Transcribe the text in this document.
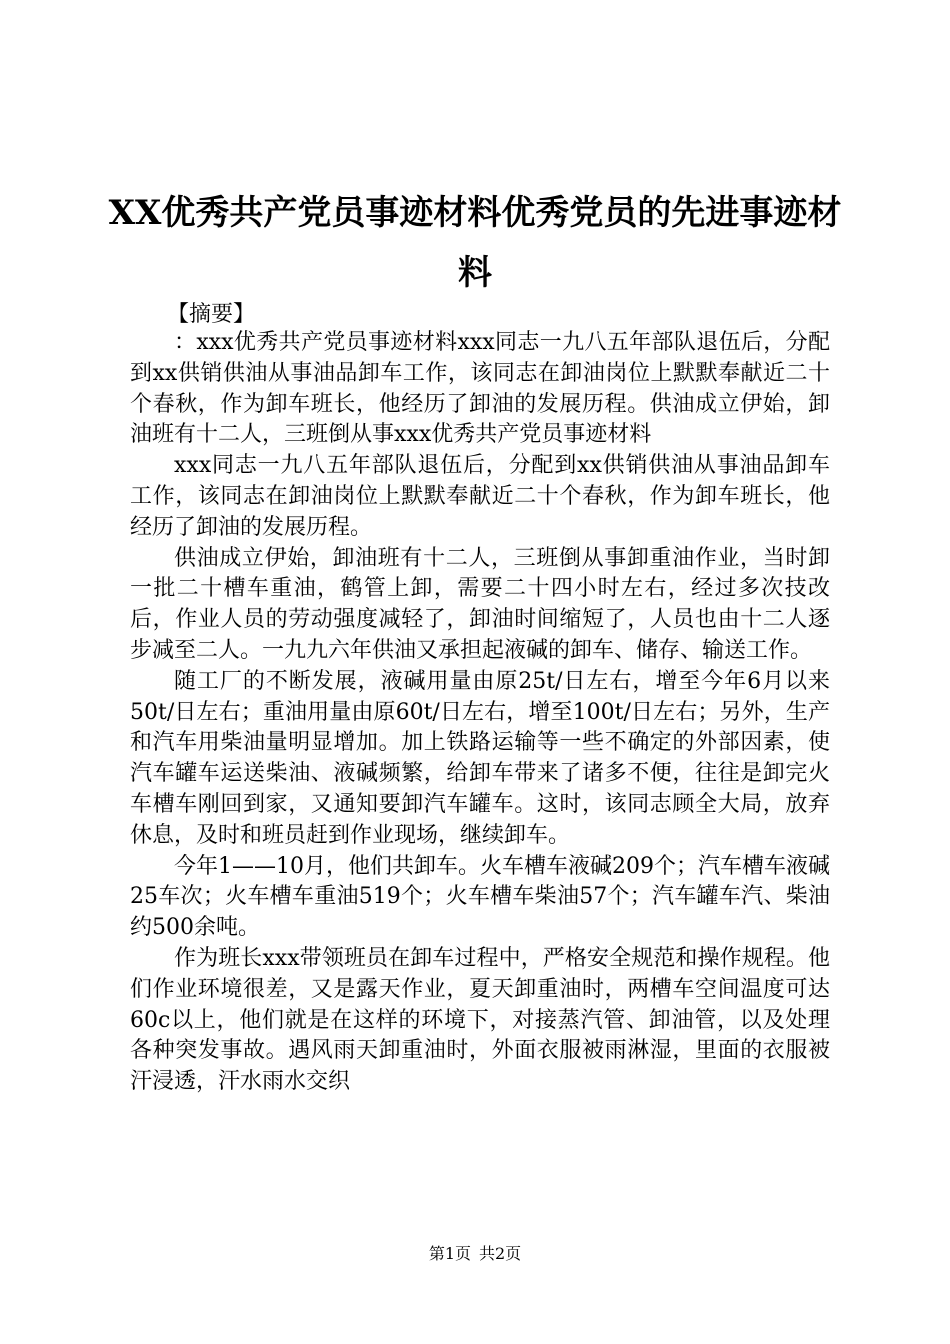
XX优秀共产党员事迹材料优秀党员的先进事迹材料
【摘要】

：xxx优秀共产党员事迹材料xxx同志一九八五年部队退伍后，分配到xx供销供油从事油品卸车工作，该同志在卸油岗位上默默奉献近二十个春秋，作为卸车班长，他经历了卸油的发展历程。供油成立伊始，卸油班有十二人，三班倒从事xxx优秀共产党员事迹材料

xxx同志一九八五年部队退伍后，分配到xx供销供油从事油品卸车工作，该同志在卸油岗位上默默奉献近二十个春秋，作为卸车班长，他经历了卸油的发展历程。

供油成立伊始，卸油班有十二人，三班倒从事卸重油作业，当时卸一批二十槽车重油，鹤管上卸，需要二十四小时左右，经过多次技改后，作业人员的劳动强度减轻了，卸油时间缩短了，人员也由十二人逐步减至二人。一九九六年供油又承担起液碱的卸车、储存、输送工作。

随工厂的不断发展，液碱用量由原25t/日左右，增至今年6月以来50t/日左右；重油用量由原60t/日左右，增至100t/日左右；另外，生产和汽车用柴油量明显增加。加上铁路运输等一些不确定的外部因素，使汽车罐车运送柴油、液碱频繁，给卸车带来了诸多不便，往往是卸完火车槽车刚回到家，又通知要卸汽车罐车。这时，该同志顾全大局，放弃休息，及时和班员赶到作业现场，继续卸车。

今年1——10月，他们共卸车。火车槽车液碱209个；汽车槽车液碱25车次；火车槽车重油519个；火车槽车柴油57个；汽车罐车汽、柴油约500余吨。

作为班长xxx带领班员在卸车过程中，严格安全规范和操作规程。他们作业环境很差，又是露天作业，夏天卸重油时，两槽车空间温度可达60c以上，他们就是在这样的环境下，对接蒸汽管、卸油管，以及处理各种突发事故。遇风雨天卸重油时，外面衣服被雨淋湿，里面的衣服被汗浸透，汗水雨水交织

第1页 共2页
